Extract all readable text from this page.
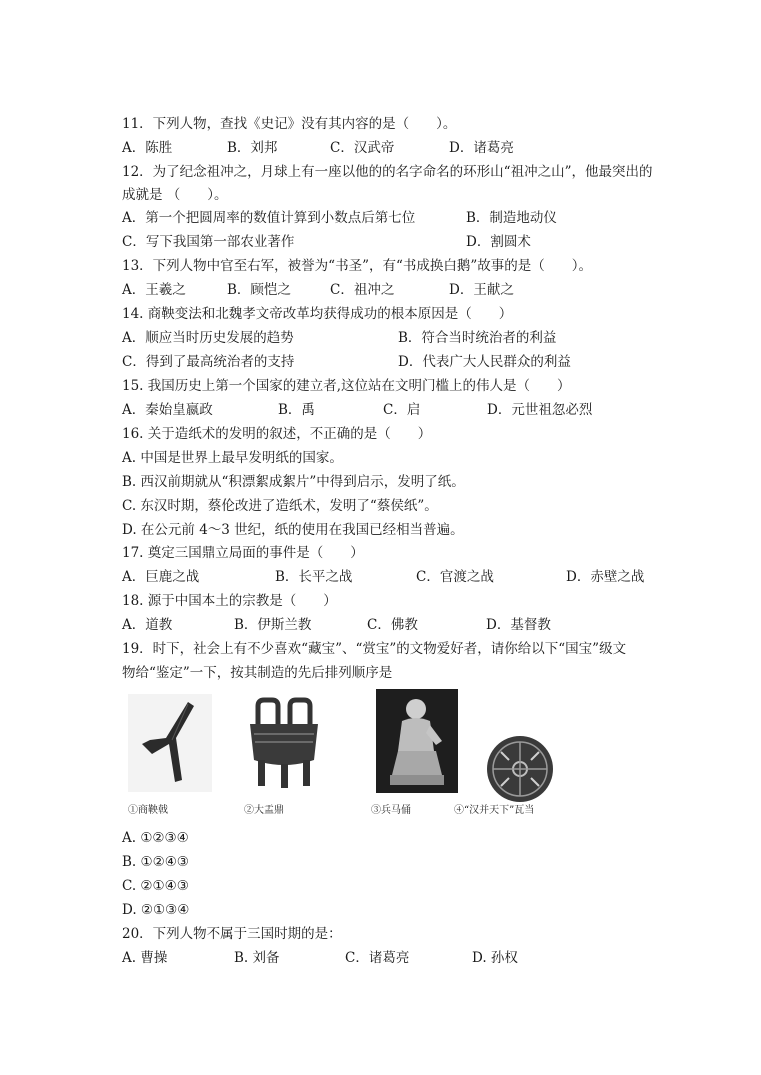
11．下列人物，查找《史记》没有其内容的是（　　）。
A．陈胜	B．刘邦	C．汉武帝	D．诸葛亮
12．为了纪念祖冲之，月球上有一座以他的的名字命名的环形山“祖冲之山”，他最突出的
成就是 （　　）。
A．第一个把圆周率的数值计算到小数点后第七位	B．制造地动仪
C．写下我国第一部农业著作	D．割圆术
13．下列人物中官至右军，被誉为“书圣”，有“书成换白鹅”故事的是（　　）。
A．王羲之	B．顾恺之	C．祖冲之	D．王献之
14. 商鞅变法和北魏孝文帝改革均获得成功的根本原因是（　　）
A．顺应当时历史发展的趋势	B．符合当时统治者的利益
C．得到了最高统治者的支持	D．代表广大人民群众的利益
15. 我国历史上第一个国家的建立者,这位站在文明门槛上的伟人是（　　）
A．秦始皇嬴政	B．禹	C．启	D．元世祖忽必烈
16. 关于造纸术的发明的叙述，不正确的是（　　）
A. 中国是世界上最早发明纸的国家。
B. 西汉前期就从“积漂絮成絮片”中得到启示，发明了纸。
C. 东汉时期，蔡伦改进了造纸术，发明了“蔡侯纸”。
D. 在公元前 4～3 世纪，纸的使用在我国已经相当普遍。
17. 奠定三国鼎立局面的事件是（　　）
A．巨鹿之战	B．长平之战	C．官渡之战	D．赤壁之战
18. 源于中国本土的宗教是（　　）
A．道教	B．伊斯兰教	C．佛教	D．基督教
19．时下，社会上有不少喜欢“藏宝”、“赏宝”的文物爱好者，请你给以下“国宝”级文
物给“鉴定”一下，按其制造的先后排列顺序是
①商鞅戟	②大盂鼎	③兵马俑	④“汉并天下”瓦当
A. ①②③④
B. ①②④③
C. ②①④③
D. ②①③④
20．下列人物不属于三国时期的是：
A. 曹操	B. 刘备	C．诸葛亮	D. 孙权
